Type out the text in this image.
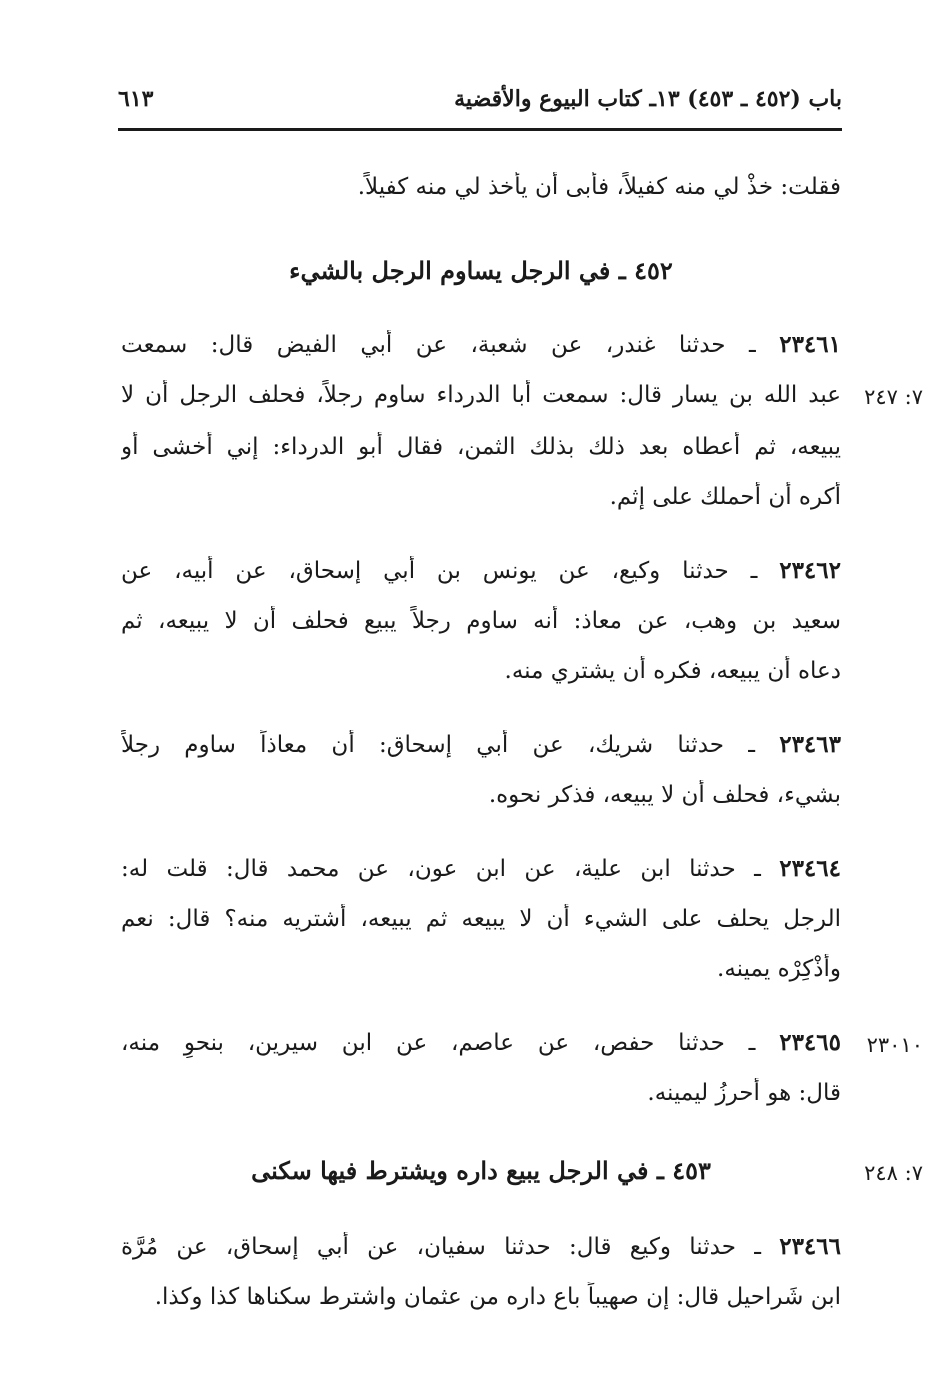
باب (٤٥٢ ـ ٤٥٣) ١٣ـ كتاب البيوع والأقضية
٦١٣
فقلت: خذْ لي منه كفيلاً، فأبى أن يأخذ لي منه كفيلاً.
٤٥٢ ـ في الرجل يساوم الرجل بالشيء
٢٣٤٦١ ـ حدثنا غندر، عن شعبة، عن أبي الفيض قال: سمعت
عبد الله بن يسار قال: سمعت أبا الدرداء ساوم رجلاً، فحلف الرجل أن لا
يبيعه، ثم أعطاه بعد ذلك بذلك الثمن، فقال أبو الدرداء: إني أخشى أو
أكره أن أحملك على إثم.
٢٣٤٦٢ ـ حدثنا وكيع، عن يونس بن أبي إسحاق، عن أبيه، عن
سعيد بن وهب، عن معاذ: أنه ساوم رجلاً يبيع فحلف أن لا يبيعه، ثم
دعاه أن يبيعه، فكره أن يشتري منه.
٢٣٤٦٣ ـ حدثنا شريك، عن أبي إسحاق: أن معاذاً ساوم رجلاً
بشيء، فحلف أن لا يبيعه، فذكر نحوه.
٢٣٤٦٤ ـ حدثنا ابن علية، عن ابن عون، عن محمد قال: قلت له:
الرجل يحلف على الشيء أن لا يبيعه ثم يبيعه، أشتريه منه؟ قال: نعم
وأذْكِرْه يمينه.
٢٣٤٦٥ ـ حدثنا حفص، عن عاصم، عن ابن سيرين، بنحوٍ منه،
قال: هو أحرزُ ليمينه.
٤٥٣ ـ في الرجل يبيع داره ويشترط فيها سكنى
٢٣٤٦٦ ـ حدثنا وكيع قال: حدثنا سفيان، عن أبي إسحاق، عن مُرَّة
ابن شَراحيل قال: إن صهيباً باع داره من عثمان واشترط سكناها كذا وكذا.
٧: ٢٤٧
٢٣٠١٠
٧: ٢٤٨
